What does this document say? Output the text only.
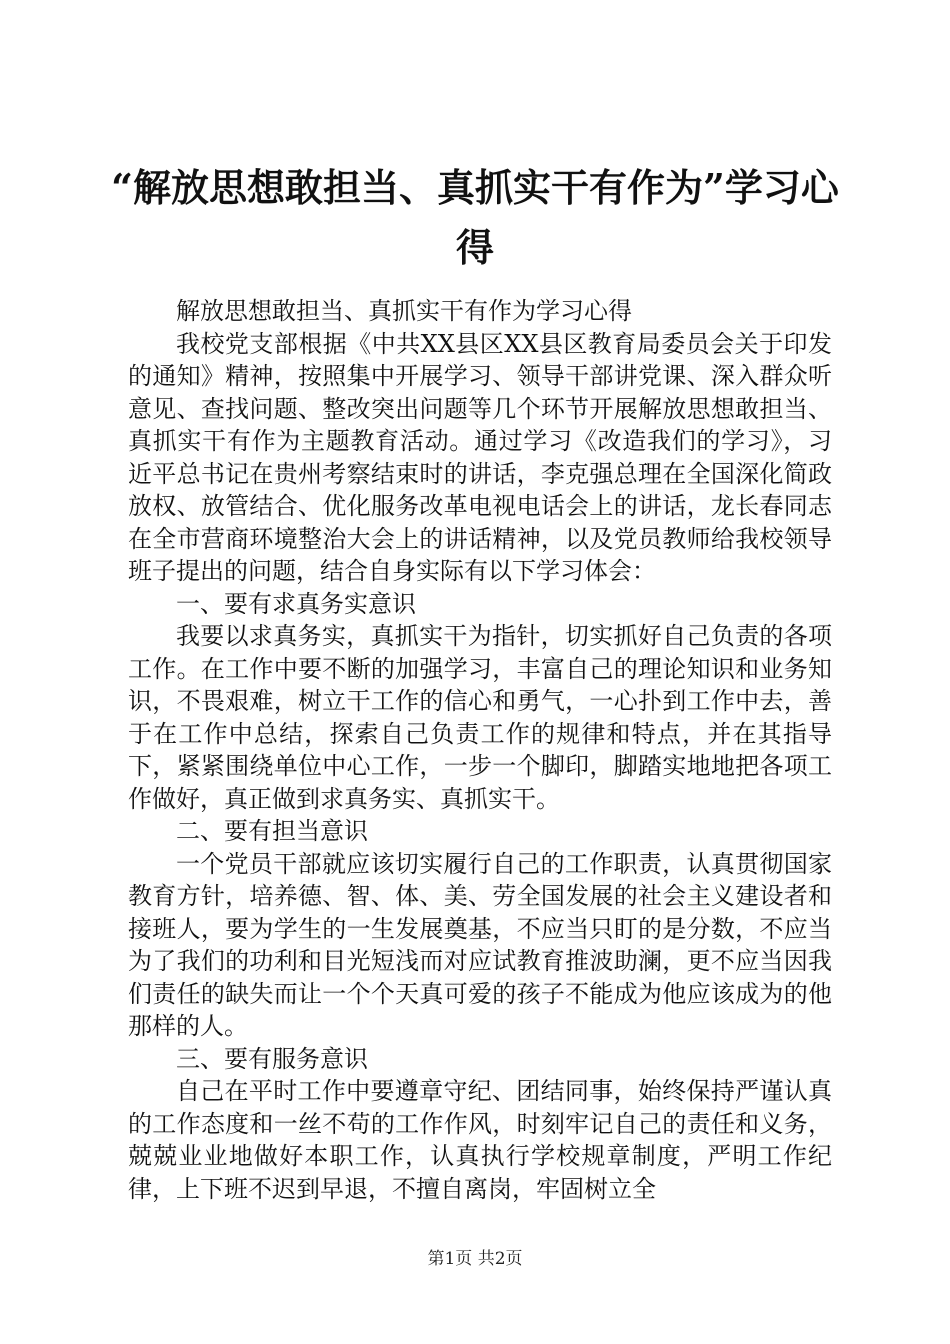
“解放思想敢担当、真抓实干有作为”学习心得

解放思想敢担当、真抓实干有作为学习心得

我校党支部根据《中共XX县区XX县区教育局委员会关于印发的通知》精神，按照集中开展学习、领导干部讲党课、深入群众听意见、查找问题、整改突出问题等几个环节开展解放思想敢担当、真抓实干有作为主题教育活动。通过学习《改造我们的学习》，习近平总书记在贵州考察结束时的讲话，李克强总理在全国深化简政放权、放管结合、优化服务改革电视电话会上的讲话，龙长春同志在全市营商环境整治大会上的讲话精神，以及党员教师给我校领导班子提出的问题，结合自身实际有以下学习体会：

一、要有求真务实意识

我要以求真务实，真抓实干为指针，切实抓好自己负责的各项工作。在工作中要不断的加强学习，丰富自己的理论知识和业务知识，不畏艰难，树立干工作的信心和勇气，一心扑到工作中去，善于在工作中总结，探索自己负责工作的规律和特点，并在其指导下，紧紧围绕单位中心工作，一步一个脚印，脚踏实地地把各项工作做好，真正做到求真务实、真抓实干。

二、要有担当意识

一个党员干部就应该切实履行自己的工作职责，认真贯彻国家教育方针，培养德、智、体、美、劳全国发展的社会主义建设者和接班人，要为学生的一生发展奠基，不应当只盯的是分数，不应当为了我们的功利和目光短浅而对应试教育推波助澜，更不应当因我们责任的缺失而让一个个天真可爱的孩子不能成为他应该成为的他那样的人。

三、要有服务意识

自己在平时工作中要遵章守纪、团结同事，始终保持严谨认真的工作态度和一丝不苟的工作作风，时刻牢记自己的责任和义务，兢兢业业地做好本职工作，认真执行学校规章制度，严明工作纪律，上下班不迟到早退，不擅自离岗，牢固树立全

第1页 共2页
